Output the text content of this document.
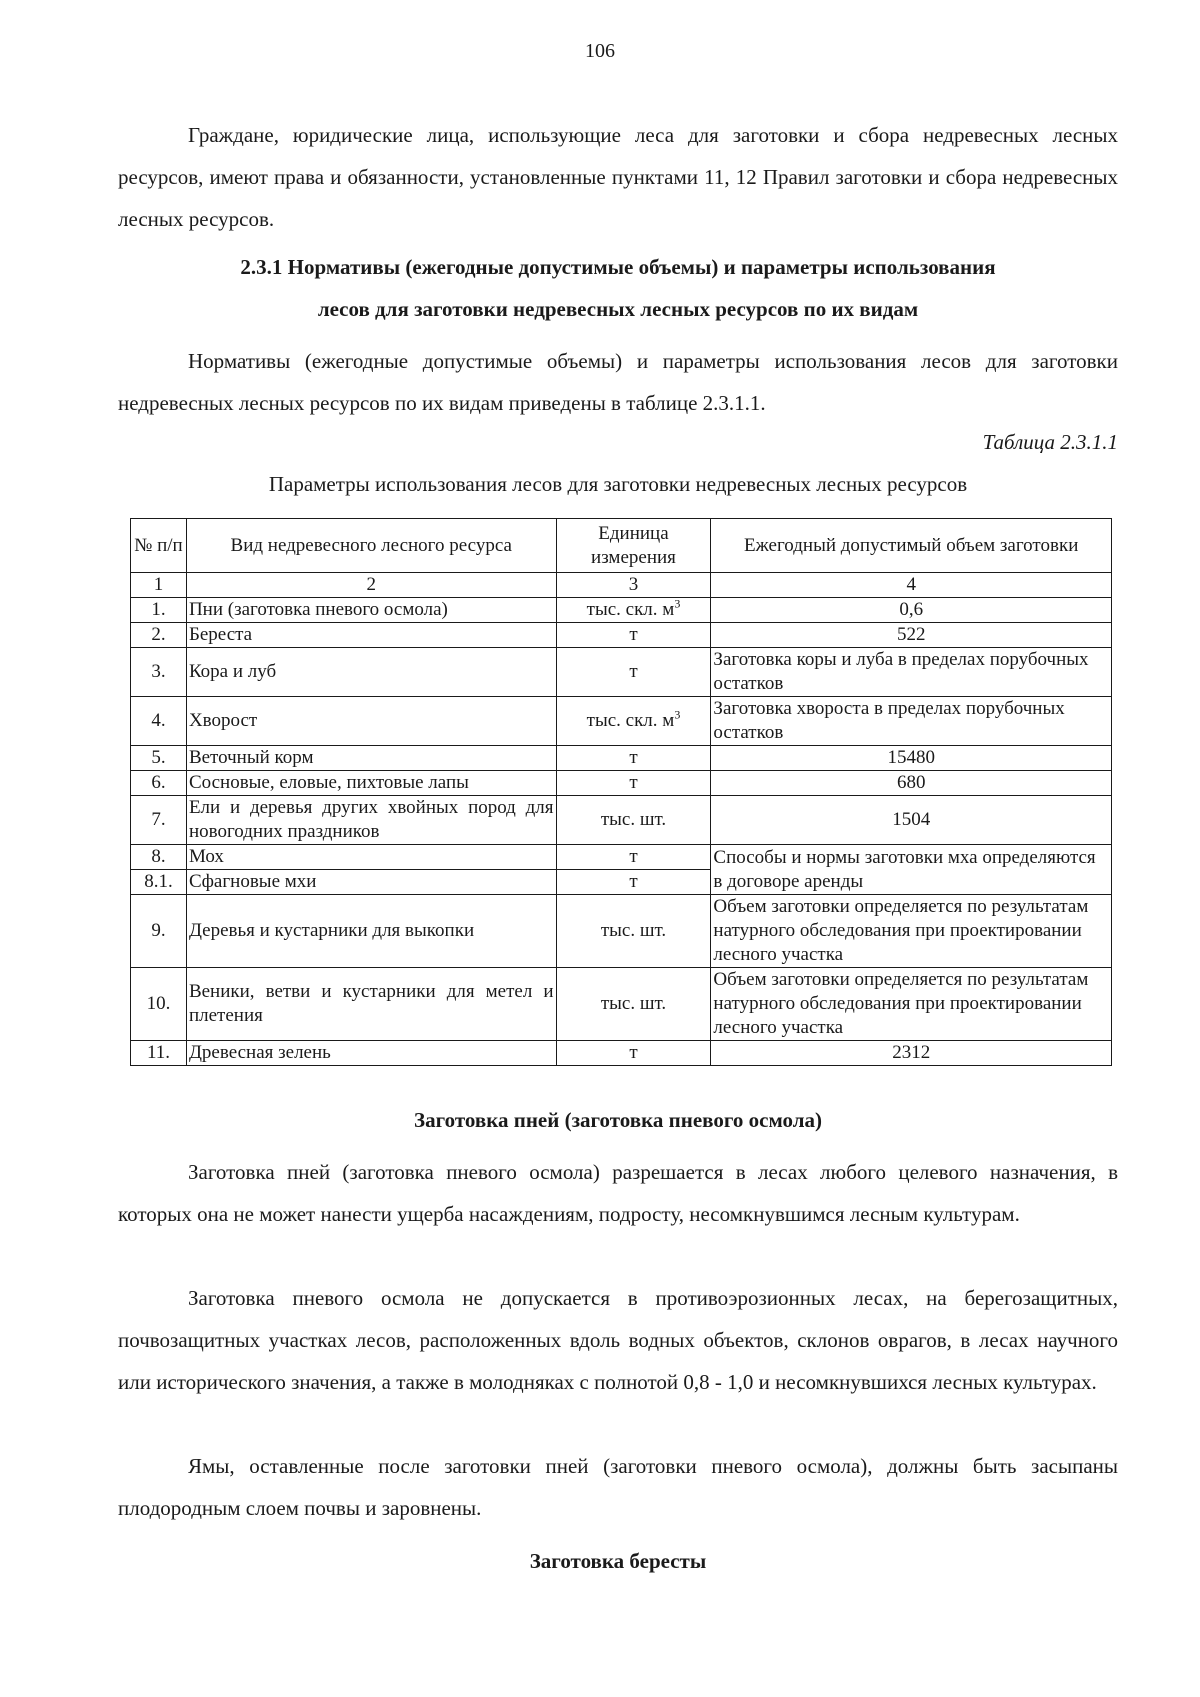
106

Граждане, юридические лица, использующие леса для заготовки и сбора недревесных лесных ресурсов, имеют права и обязанности, установленные пунктами 11, 12 Правил заготовки и сбора недревесных лесных ресурсов.

2.3.1 Нормативы (ежегодные допустимые объемы) и параметры использования
лесов для заготовки недревесных лесных ресурсов по их видам

Нормативы (ежегодные допустимые объемы) и параметры использования лесов для заготовки недревесных лесных ресурсов по их видам приведены в таблице 2.3.1.1.

Таблица 2.3.1.1
Параметры использования лесов для заготовки недревесных лесных ресурсов
№ п/п	Вид недревесного лесного ресурса	Единица измерения	Ежегодный допустимый объем заготовки
1	2	3	4
1.	Пни (заготовка пневого осмола)	тыс. скл. $м^3$	0,6
2.	Береста	т	522
3.	Кора и луб	т	Заготовка коры и луба в пределах порубочных остатков
4.	Хворост	тыс. скл. $м^3$	Заготовка хвороста в пределах порубочных остатков
5.	Веточный корм	т	15480
6.	Сосновые, еловые, пихтовые лапы	т	680
7.	Ели и деревья других хвойных пород для новогодних праздников	тыс. шт.	1504
8.	Мох	т	Способы и нормы заготовки мха определяются в договоре аренды
8.1.	Сфагновые мхи	т	
9.	Деревья и кустарники для выкопки	тыс. шт.	Объем заготовки определяется по результатам натурного обследования при проектировании лесного участка
10.	Веники, ветви и кустарники для метел и плетения	тыс. шт.	Объем заготовки определяется по результатам натурного обследования при проектировании лесного участка
11.	Древесная зелень	т	2312
Заготовка пней (заготовка пневого осмола)

Заготовка пней (заготовка пневого осмола) разрешается в лесах любого целевого назначения, в которых она не может нанести ущерба насаждениям, подросту, несомкнувшимся лесным культурам.

Заготовка пневого осмола не допускается в противоэрозионных лесах, на берегозащитных, почвозащитных участках лесов, расположенных вдоль водных объектов, склонов оврагов, в лесах научного или исторического значения, а также в молодняках с полнотой 0,8 - 1,0 и несомкнувшихся лесных культурах.

Ямы, оставленные после заготовки пней (заготовки пневого осмола), должны быть засыпаны плодородным слоем почвы и заровнены.

Заготовка бересты
